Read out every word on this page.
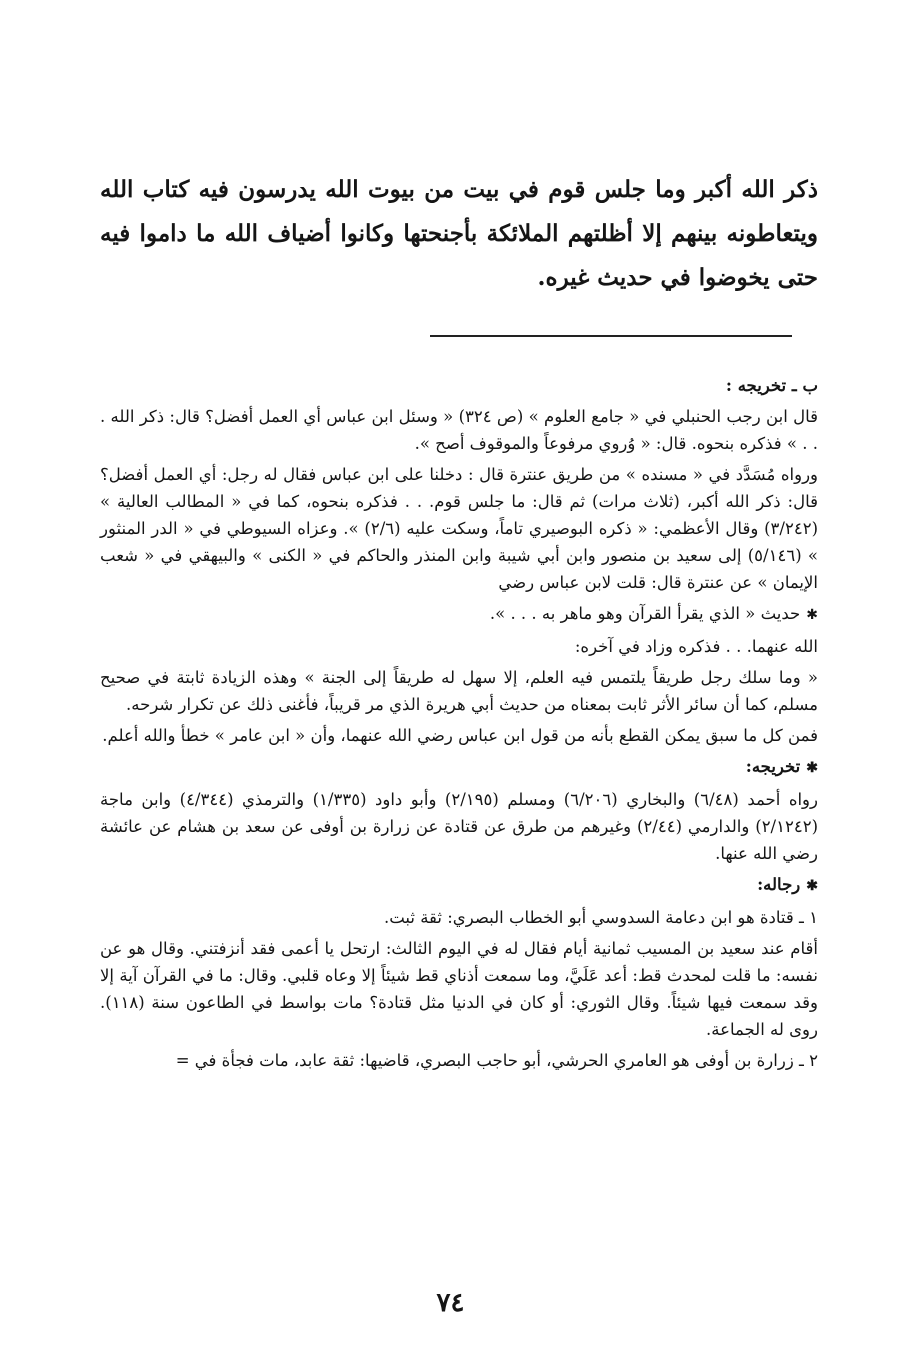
ذكر الله أكبر وما جلس قوم في بيت من بيوت الله يدرسون فيه كتاب الله ويتعاطونه بينهم إلا أظلتهم الملائكة بأجنحتها وكانوا أضياف الله ما داموا فيه حتى يخوضوا في حديث غيره.

ب ـ تخريجه :

قال ابن رجب الحنبلي في « جامع العلوم » (ص ٣٢٤) « وسئل ابن عباس أي العمل أفضل؟ قال: ذكر الله . . . » فذكره بنحوه. قال: « وُروي مرفوعاً والموقوف أصح ».

ورواه مُسَدَّد في « مسنده » من طريق عنترة قال : دخلنا على ابن عباس فقال له رجل: أي العمل أفضل؟ قال: ذكر الله أكبر، (ثلاث مرات) ثم قال: ما جلس قوم. . . فذكره بنحوه، كما في « المطالب العالية » (٣/٢٤٢) وقال الأعظمي: « ذكره البوصيري تاماً، وسكت عليه (٢/٦) ». وعزاه السيوطي في « الدر المنثور » (٥/١٤٦) إلى سعيد بن منصور وابن أبي شيبة وابن المنذر والحاكم في « الكنى » والبيهقي في « شعب الإيمان » عن عنترة قال: قلت لابن عباس رضي

✱حديث « الذي يقرأ القرآن وهو ماهر به . . . ».

الله عنهما. . . فذكره وزاد في آخره:

« وما سلك رجل طريقاً يلتمس فيه العلم، إلا سهل له طريقاً إلى الجنة » وهذه الزيادة ثابتة في صحيح مسلم، كما أن سائر الأثر ثابت بمعناه من حديث أبي هريرة الذي مر قريباً، فأغنى ذلك عن تكرار شرحه.

فمن كل ما سبق يمكن القطع بأنه من قول ابن عباس رضي الله عنهما، وأن « ابن عامر » خطأ والله أعلم.

✱تخريجه:

رواه أحمد (٦/٤٨) والبخاري (٦/٢٠٦) ومسلم (٢/١٩٥) وأبو داود (١/٣٣٥) والترمذي (٤/٣٤٤) وابن ماجة (٢/١٢٤٢) والدارمي (٢/٤٤) وغيرهم من طرق عن قتادة عن زرارة بن أوفى عن سعد بن هشام عن عائشة رضي الله عنها.

✱رجاله:

١ ـ قتادة هو ابن دعامة السدوسي أبو الخطاب البصري: ثقة ثبت.

أقام عند سعيد بن المسيب ثمانية أيام فقال له في اليوم الثالث: ارتحل يا أعمى فقد أنزفتني. وقال هو عن نفسه: ما قلت لمحدث قط: أعد عَلَيَّ، وما سمعت أذناي قط شيئاً إلا وعاه قلبي. وقال: ما في القرآن آية إلا وقد سمعت فيها شيئاً. وقال الثوري: أو كان في الدنيا مثل قتادة؟ مات بواسط في الطاعون سنة (١١٨). روى له الجماعة.

٢ ـ زرارة بن أوفى هو العامري الحرشي، أبو حاجب البصري، قاضيها: ثقة عابد، مات فجأة في =

٧٤
